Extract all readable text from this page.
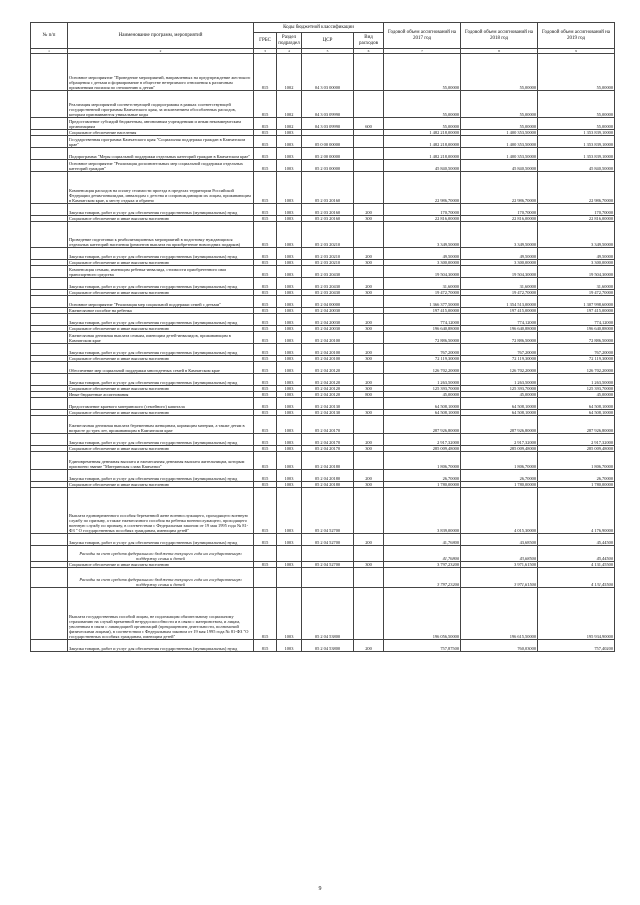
№ п/п	Наименование программ, мероприятий	Коды бюджетной классификации				Годовой объем ассигнований на 2017 год	Годовой объем ассигнований на 2018 год	Годовой объем ассигнований на 2019 год
		ГРБС	Раздел подраздел	ЦСР	Вид расходов			
1	2	3	4	5	6	7	8	9
	Основное мероприятие "Проведение мероприятий, направленных на предупреждение жестокого обращения с детьми и формирование в обществе нетерпимого отношения к различным проявлениям насилия по отношению к детям"	815	1002	04 3 03 00000		55,00000	55,00000	55,00000
	Реализация мероприятий соответствующей подпрограммы в рамках соответствующей государственной программы Камчатского края, за исключением обособленных расходов, которым присваиваются уникальные коды	815	1002	04 3 03 09990		55,00000	55,00000	55,00000
	Предоставление субсидий бюджетным, автономным учреждениям и иным некоммерческим организациям	815	1002	04 3 03 09990	600	55,00000	55,00000	55,00000
	Социальное обеспечение населения	815	1003			1 482 218,00000	1 400 353,50000	1 353 839,10000
	Государственная программа Камчатского края "Социальная поддержка граждан в Камчатском крае"	815	1003	05 0 00 00000		1 482 218,00000	1 400 353,50000	1 353 839,10000
	Подпрограмма "Меры социальной поддержки отдельных категорий граждан в Камчатском крае"	815	1003	05 2 00 00000		1 482 218,00000	1 400 353,50000	1 353 839,10000
	Основное мероприятие "Реализация дополнительных мер социальной поддержки отдельных категорий граждан"	815	1003	05 2 03 00000		45 840,50000	45 840,50000	45 840,50000
	Компенсация расходов на оплату стоимости проезда в пределах территории Российской Федерации детям-инвалидам, инвалидам с детства и сопровождающим их лицам, проживающим в Камчатском крае, к месту отдыха и обратно	815	1003	05 2 03 20160		22 986,70000	22 986,70000	22 986,70000
	Закупка товаров, работ и услуг для обеспечения государственных (муниципальных) нужд	815	1003	05 2 03 20160	200	170,70000	170,70000	170,70000
	Социальное обеспечение и иные выплаты населению	815	1003	05 2 03 20160	300	22 816,00000	22 816,00000	22 816,00000
	Проведение подготовки к реабилитационных мероприятий в подготовку нуждающихся отдельных категорий населения (ремонтов выплата на приобретение новогодних подарков)	815	1003	05 2 03 20210		3 349,50000	3 349,50000	3 349,50000
	Закупка товаров, работ и услуг для обеспечения государственных (муниципальных) нужд	815	1003	05 2 03 20210	200	49,50000	49,50000	49,50000
	Социальное обеспечение и иные выплаты населению	815	1003	05 2 03 20210	300	3 300,00000	3 300,00000	3 300,00000
	Компенсация семьям, имеющим ребенка-инвалида, стоимости приобретенного ими транспортного средства	815	1003	05 2 03 20430		19 504,30000	19 504,30000	19 504,30000
	Закупка товаров, работ и услуг для обеспечения государственных (муниципальных) нужд	815	1003	05 2 03 20430	200	31,60000	31,60000	31,60000
	Социальное обеспечение и иные выплаты населению	815	1003	05 2 03 20430	300	19 472,70000	19 472,70000	19 472,70000
	Основное мероприятие "Реализация мер социальной поддержки семей с детьми"	815	1003	05 2 04 00000		1 366 377,50000	1 354 513,00000	1 307 998,60000
	Ежемесячное пособие на ребенка	815	1003	05 2 04 20030		197 415,00000	197 415,00000	197 415,00000
	Закупка товаров, работ и услуг для обеспечения государственных (муниципальных) нужд	815	1003	05 2 04 20030	200	774,12000	774,12000	774,12000
	Социальное обеспечение и иные выплаты населению	815	1003	05 2 04 20030	300	196 640,88000	196 640,88000	196 640,88000
	Ежемесячная денежная выплата семьям, имеющим детей-инвалидов, проживающим в Камчатском крае	815	1003	05 2 04 20100		72 886,50000	72 886,50000	72 886,50000
	Закупка товаров, работ и услуг для обеспечения государственных (муниципальных) нужд	815	1003	05 2 04 20100	200	767,20000	767,20000	767,20000
	Социальное обеспечение и иные выплаты населению	815	1003	05 2 04 20100	300	72 119,30000	72 119,30000	72 119,30000
	Обеспечение мер социальной поддержки многодетных семей в Камчатском крае	815	1003	05 2 04 20120		126 702,20000	126 702,20000	126 702,20000
	Закупка товаров, работ и услуг для обеспечения государственных (муниципальных) нужд	815	1003	05 2 04 20120	200	1 263,50000	1 263,50000	1 263,50000
	Социальное обеспечение и иные выплаты населению	815	1003	05 2 04 20120	300	125 393,70000	125 393,70000	125 393,70000
	Иные бюджетные ассигнования	815	1003	05 2 04 20120	800	45,00000	45,00000	45,00000
	Предоставление краевого материнского (семейного) капитала	815	1003	05 2 04 20130		64 508,10000	64 508,10000	64 508,10000
	Социальное обеспечение и иные выплаты населению	815	1003	05 2 04 20130	300	64 508,10000	64 508,10000	64 508,10000
	Ежемесячная денежная выплата беременным женщинам, кормящим матерям, а также детям в возрасте до трех лет, проживающим в Камчатском крае	815	1003	05 2 04 20170		287 926,80000	287 926,80000	287 926,80000
	Закупка товаров, работ и услуг для обеспечения государственных (муниципальных) нужд	815	1003	05 2 04 20170	200	2 917,32000	2 917,32000	2 917,32000
	Социальное обеспечение и иные выплаты населению	815	1003	05 2 04 20170	300	285 009,48000	285 009,48000	285 009,48000
	Единовременная денежная выплата и ежемесячная денежная выплата жительницам, которым присвоено звание "Материнская слава Камчатки"	815	1003	05 2 04 20180		1 806,70000	1 806,70000	1 806,70000
	Закупка товаров, работ и услуг для обеспечения государственных (муниципальных) нужд	815	1003	05 2 04 20180	200	26,70000	26,70000	26,70000
	Социальное обеспечение и иные выплаты населению	815	1003	05 2 04 20180	300	1 780,00000	1 780,00000	1 780,00000
	Выплата единовременного пособия беременной жене военнослужащего, проходящего военную службу по призыву, а также ежемесячного пособия на ребенка военнослужащего, проходящего военную службу по призыву, в соответствии с Федеральным законом от 19 мая 1995 года № 81-ФЗ " О государственных пособиях гражданам, имеющим детей"	815	1003	05 2 04 52700		3 839,00000	4 015,30000	4 176,90000
	Закупка товаров, работ и услуг для обеспечения государственных (муниципальных) нужд	815	1003	05 2 04 52700	200	41,76800	43,68500	45,44500
	Расходы за счет средств федерального бюджета текущего года на государственную поддержку семьи и детей					41,76800	43,68500	45,44500
	Социальное обеспечение и иные выплаты населению	815	1003	05 2 04 52700	300	3 797,23200	3 971,61500	4 131,45500
	Расходы за счет средств федерального бюджета текущего года на государственную поддержку семьи и детей					3 797,23200	3 971,61500	4 131,45500
	Выплата государственных пособий лицам, не подлежащим обязательному социальному страхованию на случай временной нетрудоспособности и в связи с материнством, и лицам, уволенным в связи с ликвидацией организаций (прекращением деятельности, полномочий физическими лицами), в соответствии с Федеральным законом от 19 мая 1995 года № 81-ФЗ "О государственных пособиях гражданам, имеющим детей"	815	1003	05 2 04 53800		196 056,50000	196 615,50000	195 934,90000
	Закупка товаров, работ и услуг для обеспечения государственных (муниципальных) нужд	815	1003	05 2 04 53800	200	757,87500	760,03000	757,40200
9
